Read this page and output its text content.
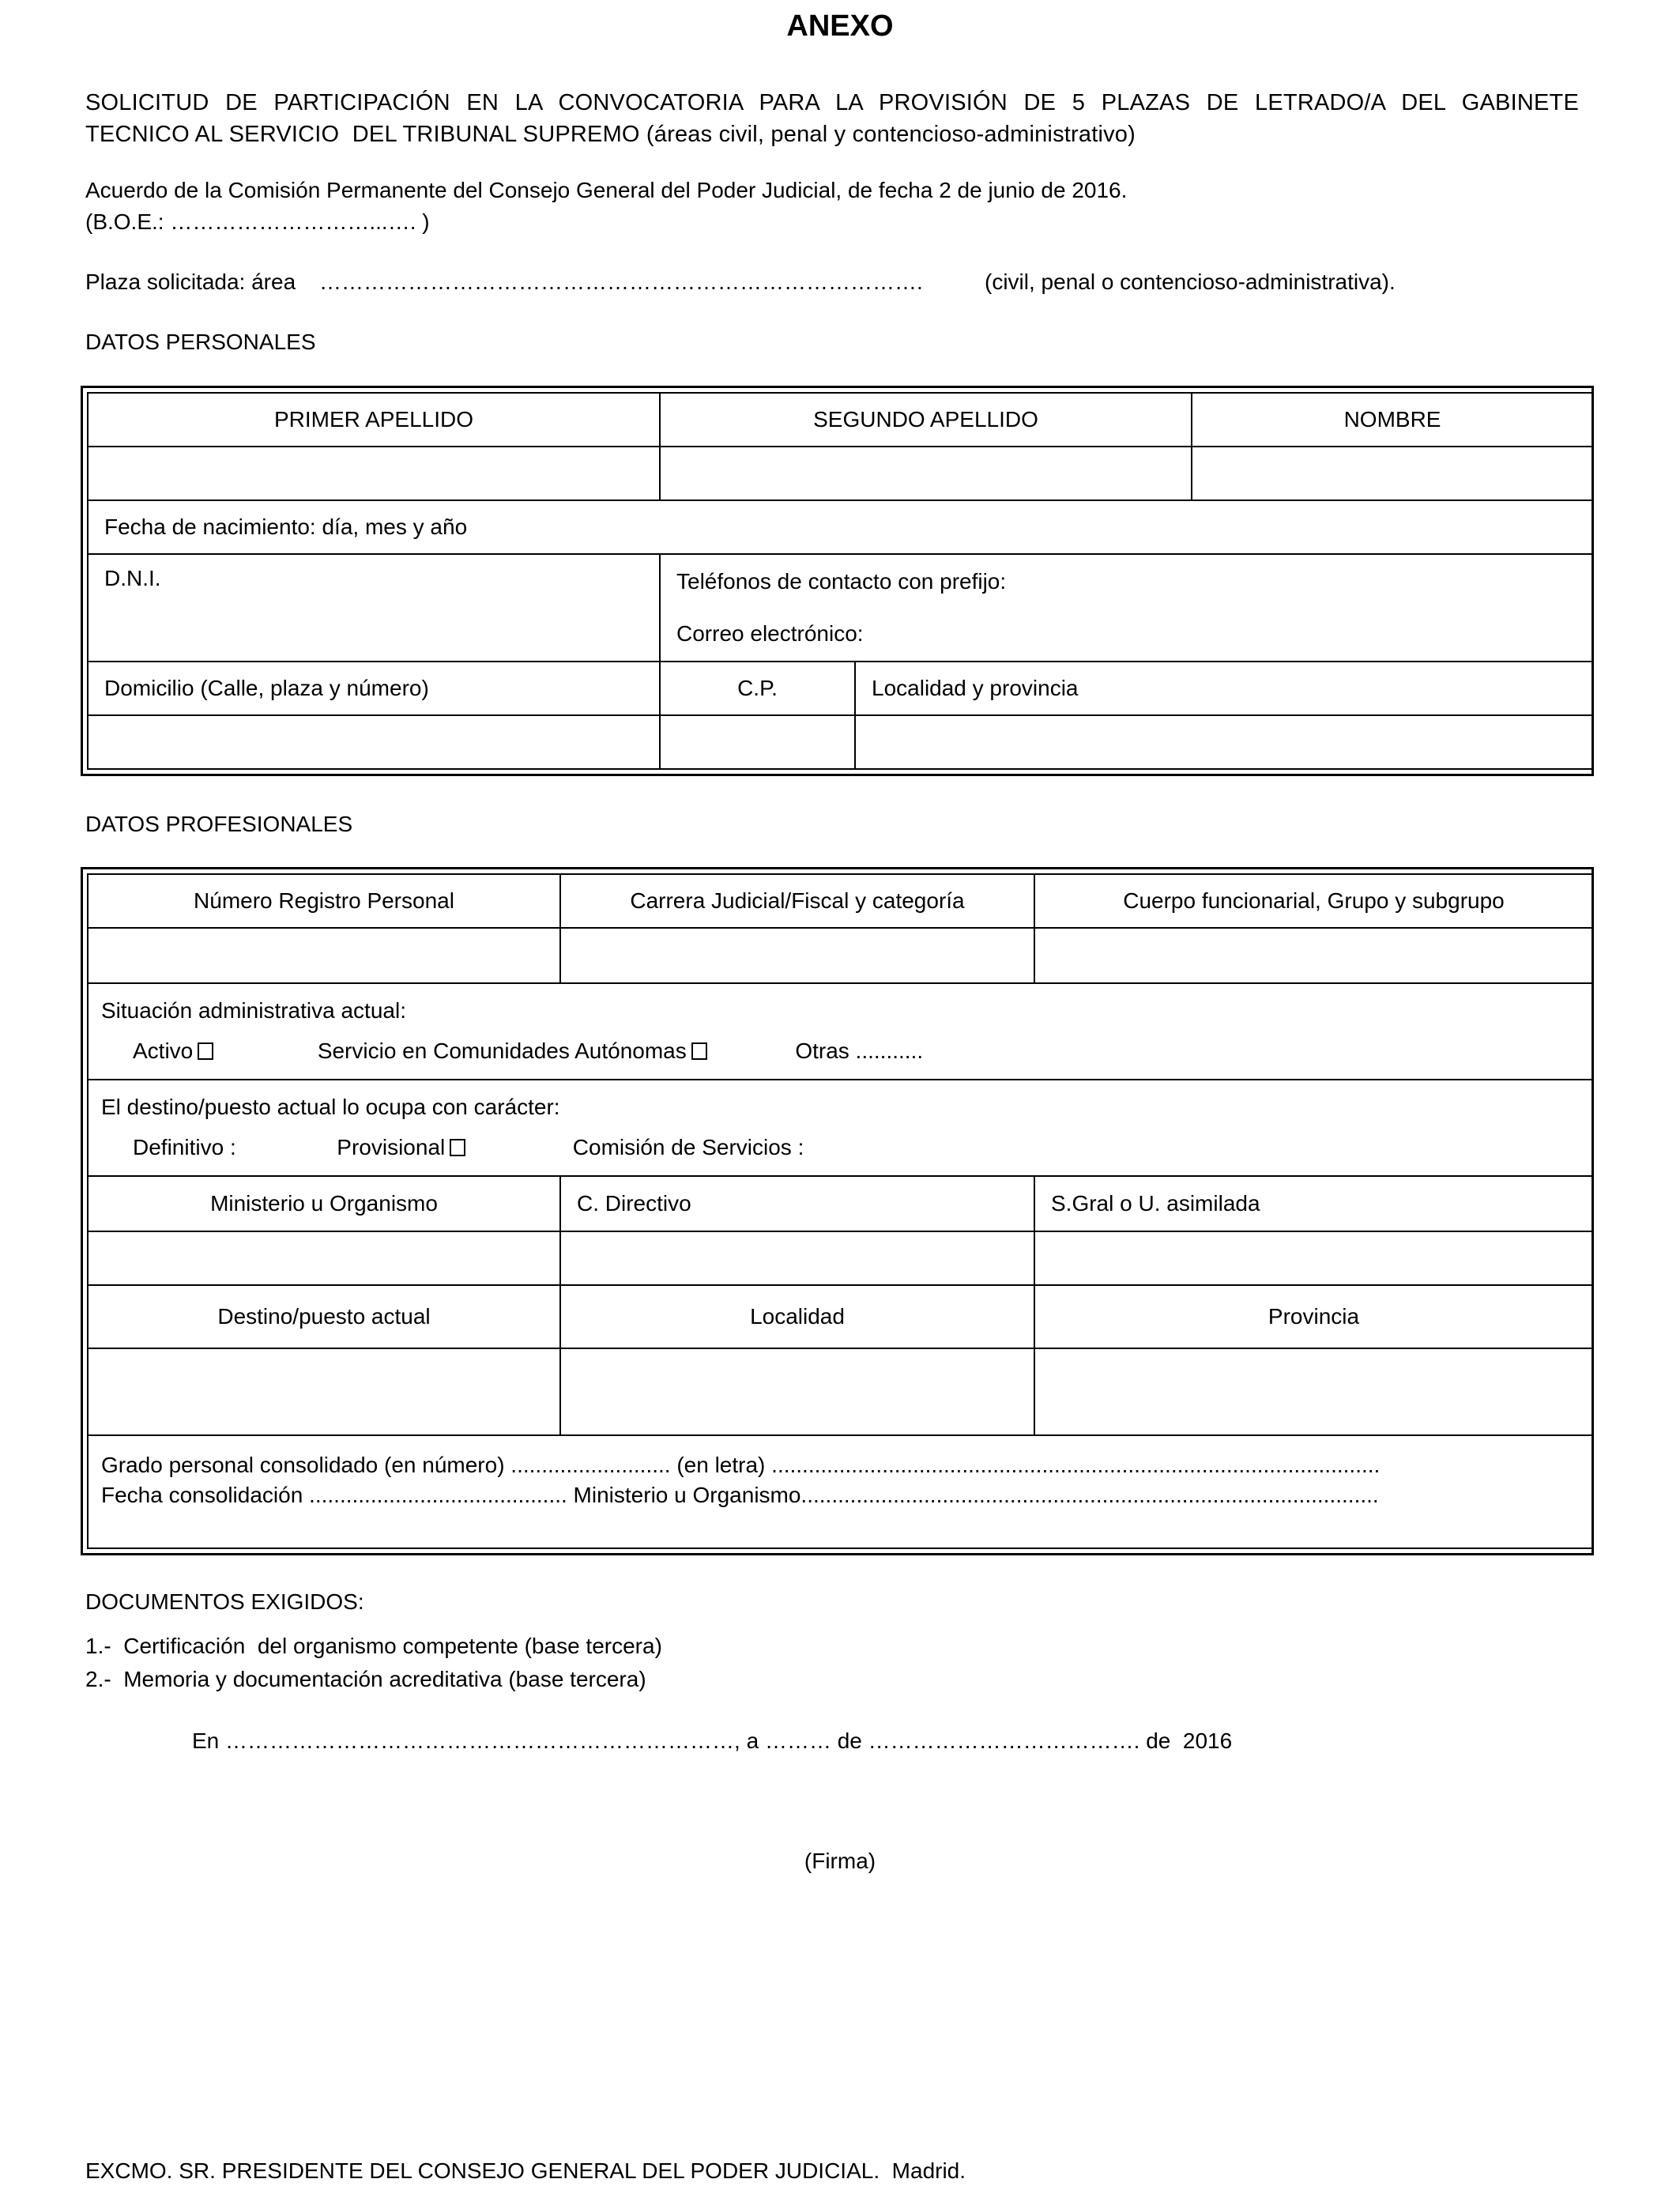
ANEXO
SOLICITUD DE PARTICIPACIÓN EN LA CONVOCATORIA PARA LA PROVISIÓN DE 5 PLAZAS DE LETRADO/A DEL GABINETE
TECNICO AL SERVICIO  DEL TRIBUNAL SUPREMO (áreas civil, penal y contencioso-administrativo)
Acuerdo de la Comisión Permanente del Consejo General del Poder Judicial, de fecha 2 de junio de 2016.
(B.O.E.: ………………………...…. )
Plaza solicitada: área ……………………………………………………………………….	(civil, penal o contencioso-administrativa).
DATOS PERSONALES
PRIMER APELLIDO	SEGUNDO APELLIDO		NOMBRE

Fecha de nacimiento: día, mes y año			
D.N.I.	Teléfonos de contacto con prefijo:
Correo electrónico:		

Domicilio (Calle, plaza y número)	C.P.	Localidad y provincia	

DATOS PROFESIONALES
Número Registro Personal	Carrera Judicial/Fiscal y categoría	Cuerpo funcionarial, Grupo y subgrupo

Situación administrativa actual:
Activo Servicio en Comunidades Autónomas Otras ...........		

El destino/puesto actual lo ocupa con carácter:
Definitivo : Provisional Comisión de Servicios :		

Ministerio u Organismo	C. Directivo	S.Gral o U. asimilada

Destino/puesto actual	Localidad	Provincia

Grado personal consolidado (en número) .......................... (en letra) ...................................................................................................
Fecha consolidación .......................................... Ministerio u Organismo..............................................................................................		
DOCUMENTOS EXIGIDOS:
1.-  Certificación  del organismo competente (base tercera)
2.-  Memoria y documentación acreditativa (base tercera)
En ……………………………………………………………, a ……… de ………………………………. de  2016
(Firma)
EXCMO. SR. PRESIDENTE DEL CONSEJO GENERAL DEL PODER JUDICIAL. Madrid.
